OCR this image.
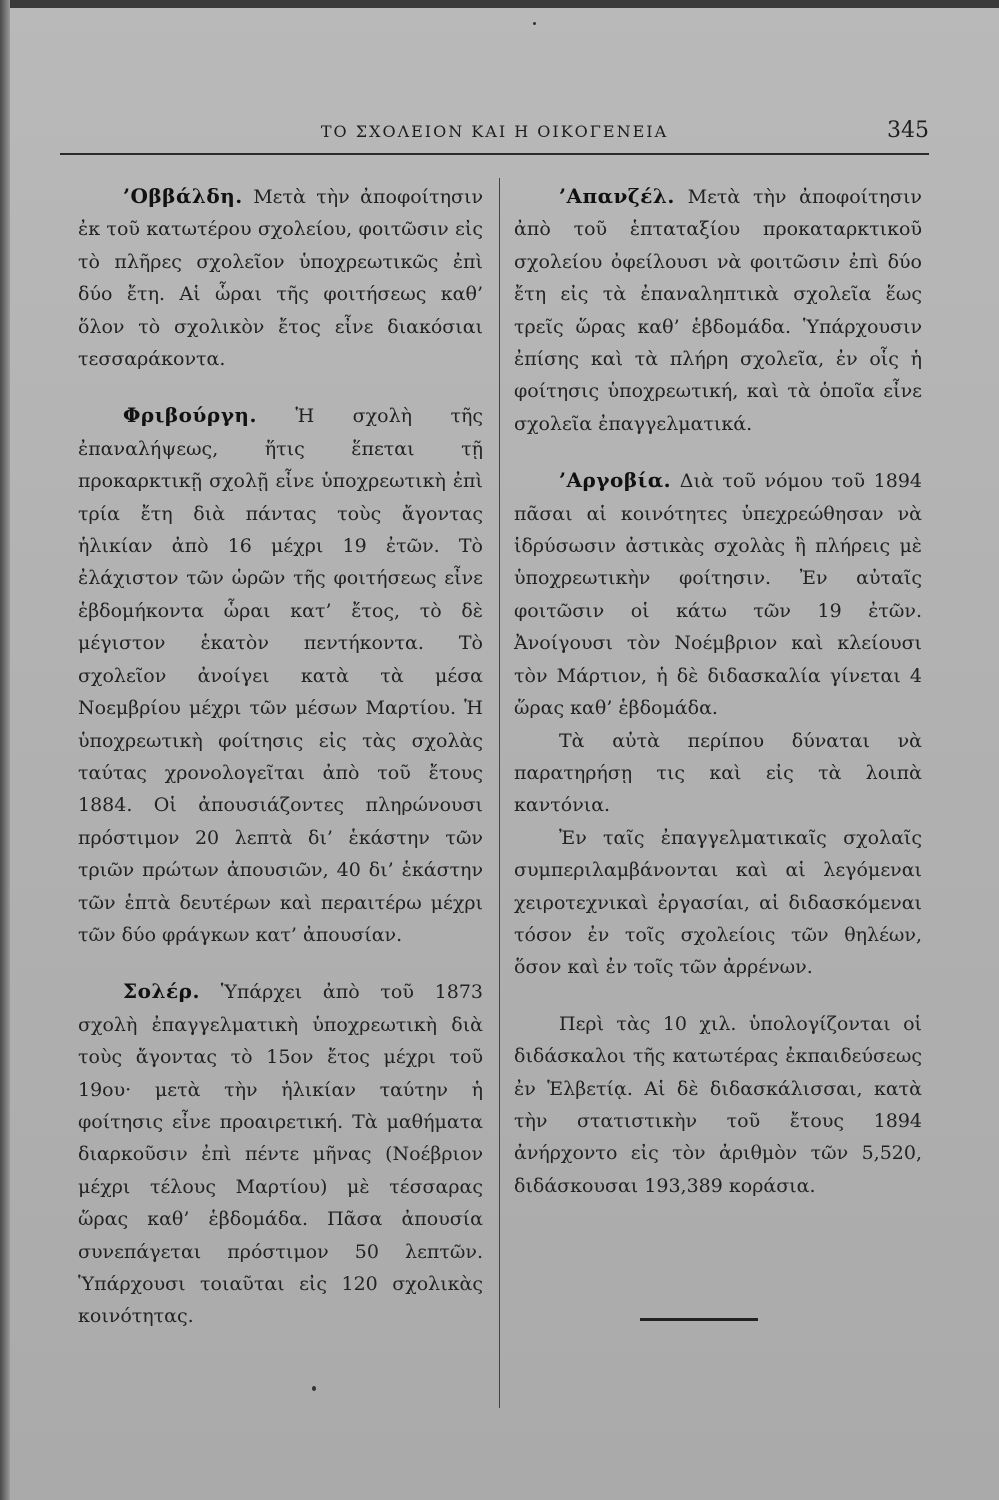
ΤΟ ΣΧΟΛΕΙΟΝ ΚΑΙ Η ΟΙΚΟΓΕΝΕΙΑ	345

’Οββάλδη. Μετὰ τὴν ἀποφοίτησιν ἐκ τοῦ κατωτέρου σχολείου, φοιτῶσιν εἰς τὸ πλῆρες σχολεῖον ὑποχρεωτικῶς ἐπὶ δύο ἔτη. Αἱ ὧραι τῆς φοιτήσεως καθ’ ὅλον τὸ σχολικὸν ἔτος εἶνε διακόσιαι τεσσαράκοντα.

Φριβούργη. Ἡ σχολὴ τῆς ἐπαναλήψεως, ἥτις ἕπεται τῇ προκαρκτικῇ σχολῇ εἶνε ὑποχρεωτικὴ ἐπὶ τρία ἔτη διὰ πάντας τοὺς ἄγοντας ἡλικίαν ἀπὸ 16 μέχρι 19 ἐτῶν. Τὸ ἐλάχιστον τῶν ὡρῶν τῆς φοιτήσεως εἶνε ἑβδομήκοντα ὧραι κατ’ ἔτος, τὸ δὲ μέγιστον ἑκατὸν πεντήκοντα. Τὸ σχολεῖον ἀνοίγει κατὰ τὰ μέσα Νοεμβρίου μέχρι τῶν μέσων Μαρτίου. Ἡ ὑποχρεωτικὴ φοίτησις εἰς τὰς σχολὰς ταύτας χρονολογεῖται ἀπὸ τοῦ ἔτους 1884. Οἱ ἀπουσιάζοντες πληρώνουσι πρόστιμον 20 λεπτὰ δι’ ἑκάστην τῶν τριῶν πρώτων ἀπουσιῶν, 40 δι’ ἑκάστην τῶν ἑπτὰ δευτέρων καὶ περαιτέρω μέχρι τῶν δύο φράγκων κατ’ ἀπουσίαν.

Σολέρ. Ὑπάρχει ἀπὸ τοῦ 1873 σχολὴ ἐπαγγελματικὴ ὑποχρεωτικὴ διὰ τοὺς ἄγοντας τὸ 15ον ἔτος μέχρι τοῦ 19ου· μετὰ τὴν ἡλικίαν ταύτην ἡ φοίτησις εἶνε προαιρετική. Τὰ μαθήματα διαρκοῦσιν ἐπὶ πέντε μῆνας (Νοέβριον μέχρι τέλους Μαρτίου) μὲ τέσσαρας ὥρας καθ’ ἑβδομάδα. Πᾶσα ἀπουσία συνεπάγεται πρόστιμον 50 λεπτῶν. Ὑπάρχουσι τοιαῦται εἰς 120 σχολικὰς κοινότητας.

’Απανζέλ. Μετὰ τὴν ἀποφοίτησιν ἀπὸ τοῦ ἑπταταξίου προκαταρκτικοῦ σχολείου ὀφείλουσι νὰ φοιτῶσιν ἐπὶ δύο ἔτη εἰς τὰ ἐπαναληπτικὰ σχολεῖα ἕως τρεῖς ὥρας καθ’ ἑβδομάδα. Ὑπάρχουσιν ἐπίσης καὶ τὰ πλήρη σχολεῖα, ἐν οἷς ἡ φοίτησις ὑποχρεωτική, καὶ τὰ ὁποῖα εἶνε σχολεῖα ἐπαγγελματικά.

’Αργοβία. Διὰ τοῦ νόμου τοῦ 1894 πᾶσαι αἱ κοινότητες ὑπεχρεώθησαν νὰ ἱδρύσωσιν ἀστικὰς σχολὰς ἢ πλήρεις μὲ ὑποχρεωτικὴν φοίτησιν. Ἐν αὐταῖς φοιτῶσιν οἱ κάτω τῶν 19 ἐτῶν. Ἀνοίγουσι τὸν Νοέμβριον καὶ κλείουσι τὸν Μάρτιον, ἡ δὲ διδασκαλία γίνεται 4 ὥρας καθ’ ἑβδομάδα.

Τὰ αὐτὰ περίπου δύναται νὰ παρατηρήσῃ τις καὶ εἰς τὰ λοιπὰ καντόνια.

Ἐν ταῖς ἐπαγγελματικαῖς σχολαῖς συμπεριλαμβάνονται καὶ αἱ λεγόμεναι χειροτεχνικαὶ ἐργασίαι, αἱ διδασκόμεναι τόσον ἐν τοῖς σχολείοις τῶν θηλέων, ὅσον καὶ ἐν τοῖς τῶν ἀρρένων.

Περὶ τὰς 10 χιλ. ὑπολογίζονται οἱ διδάσκαλοι τῆς κατωτέρας ἐκπαιδεύσεως ἐν Ἑλβετίᾳ. Αἱ δὲ διδασκάλισσαι, κατὰ τὴν στατιστικὴν τοῦ ἔτους 1894 ἀνήρχοντο εἰς τὸν ἀριθμὸν τῶν 5,520, διδάσκουσαι 193,389 κοράσια.
